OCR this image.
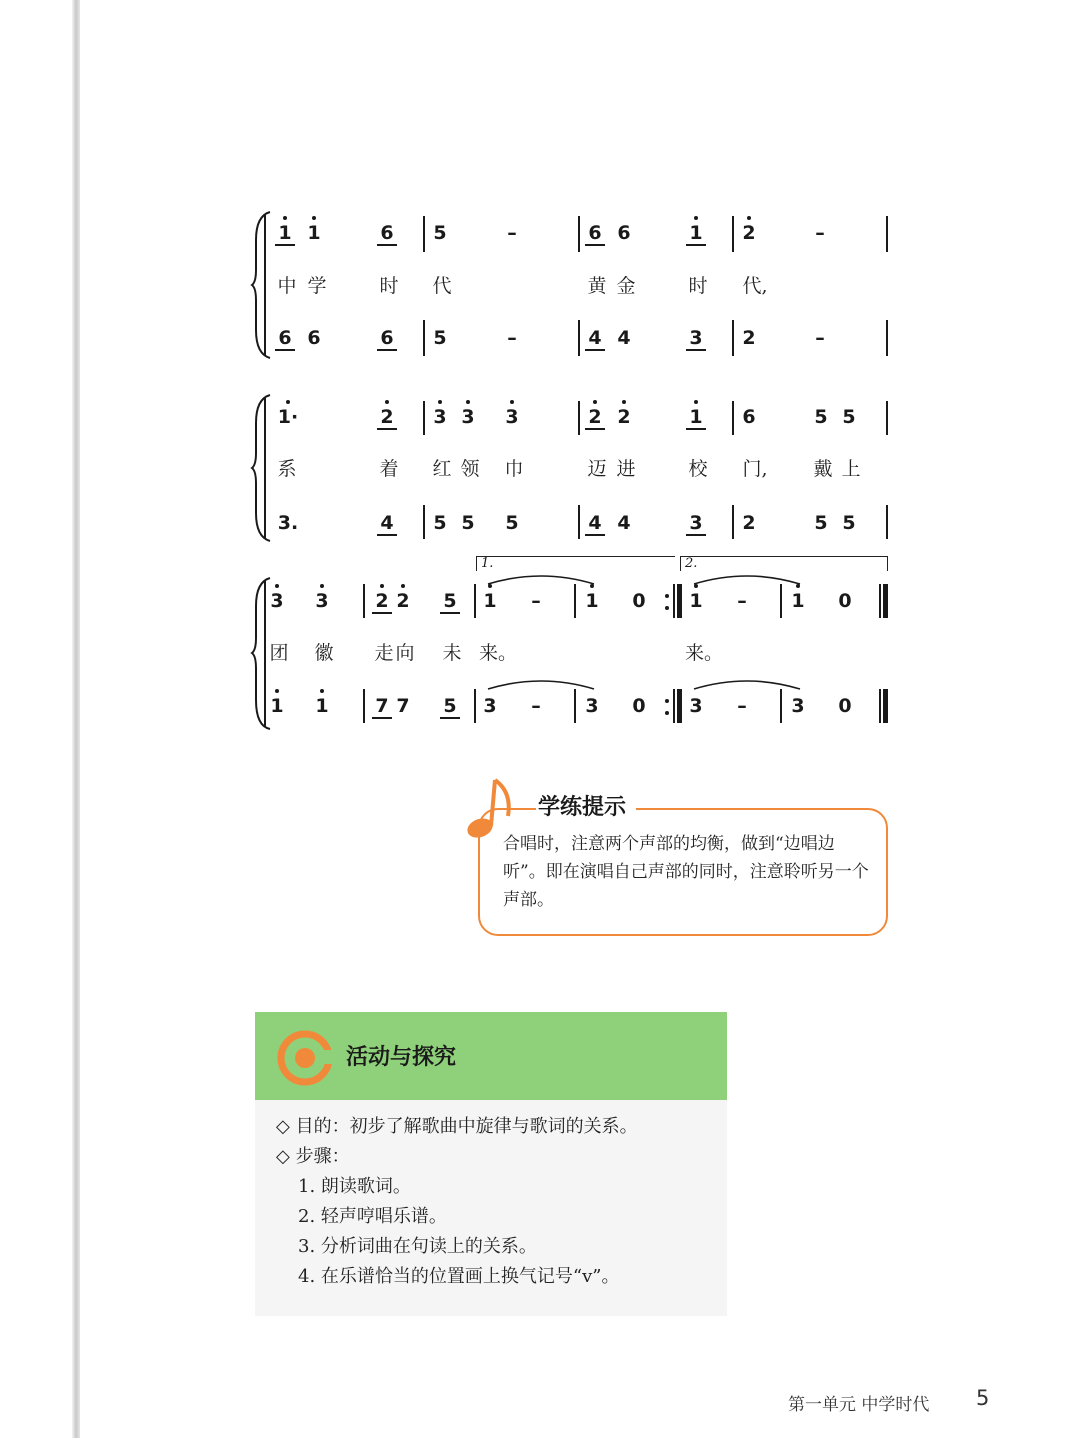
1 1	6	5	–	6 6	1	2	–
中 学	时	代	黄 金	时	代,
6 6	6	5	–	4 4	3	2	–
1·	2	3 3	3	2 2	1	6	5 5
系	着	红 领	巾	迈 进	校	门,	戴 上
3.	4	5 5	5	4 4	3	2	5 5
1.	2.
3	3	2 2	5	1	–	1	0	1	–	1	0
团	徽	走 向	未 来。	来。
1	1	7 7	5	3	–	3	0	3	–	3	0
学练提示
合唱时，注意两个声部的均衡，做到“边唱边听”。即在演唱自己声部的同时，注意聆听另一个声部。
活动与探究
◇ 目的：初步了解歌曲中旋律与歌词的关系。
◇ 步骤：
1. 朗读歌词。
2. 轻声哼唱乐谱。
3. 分析词曲在句读上的关系。
4. 在乐谱恰当的位置画上换气记号“v”。
第一单元 中学时代 5
